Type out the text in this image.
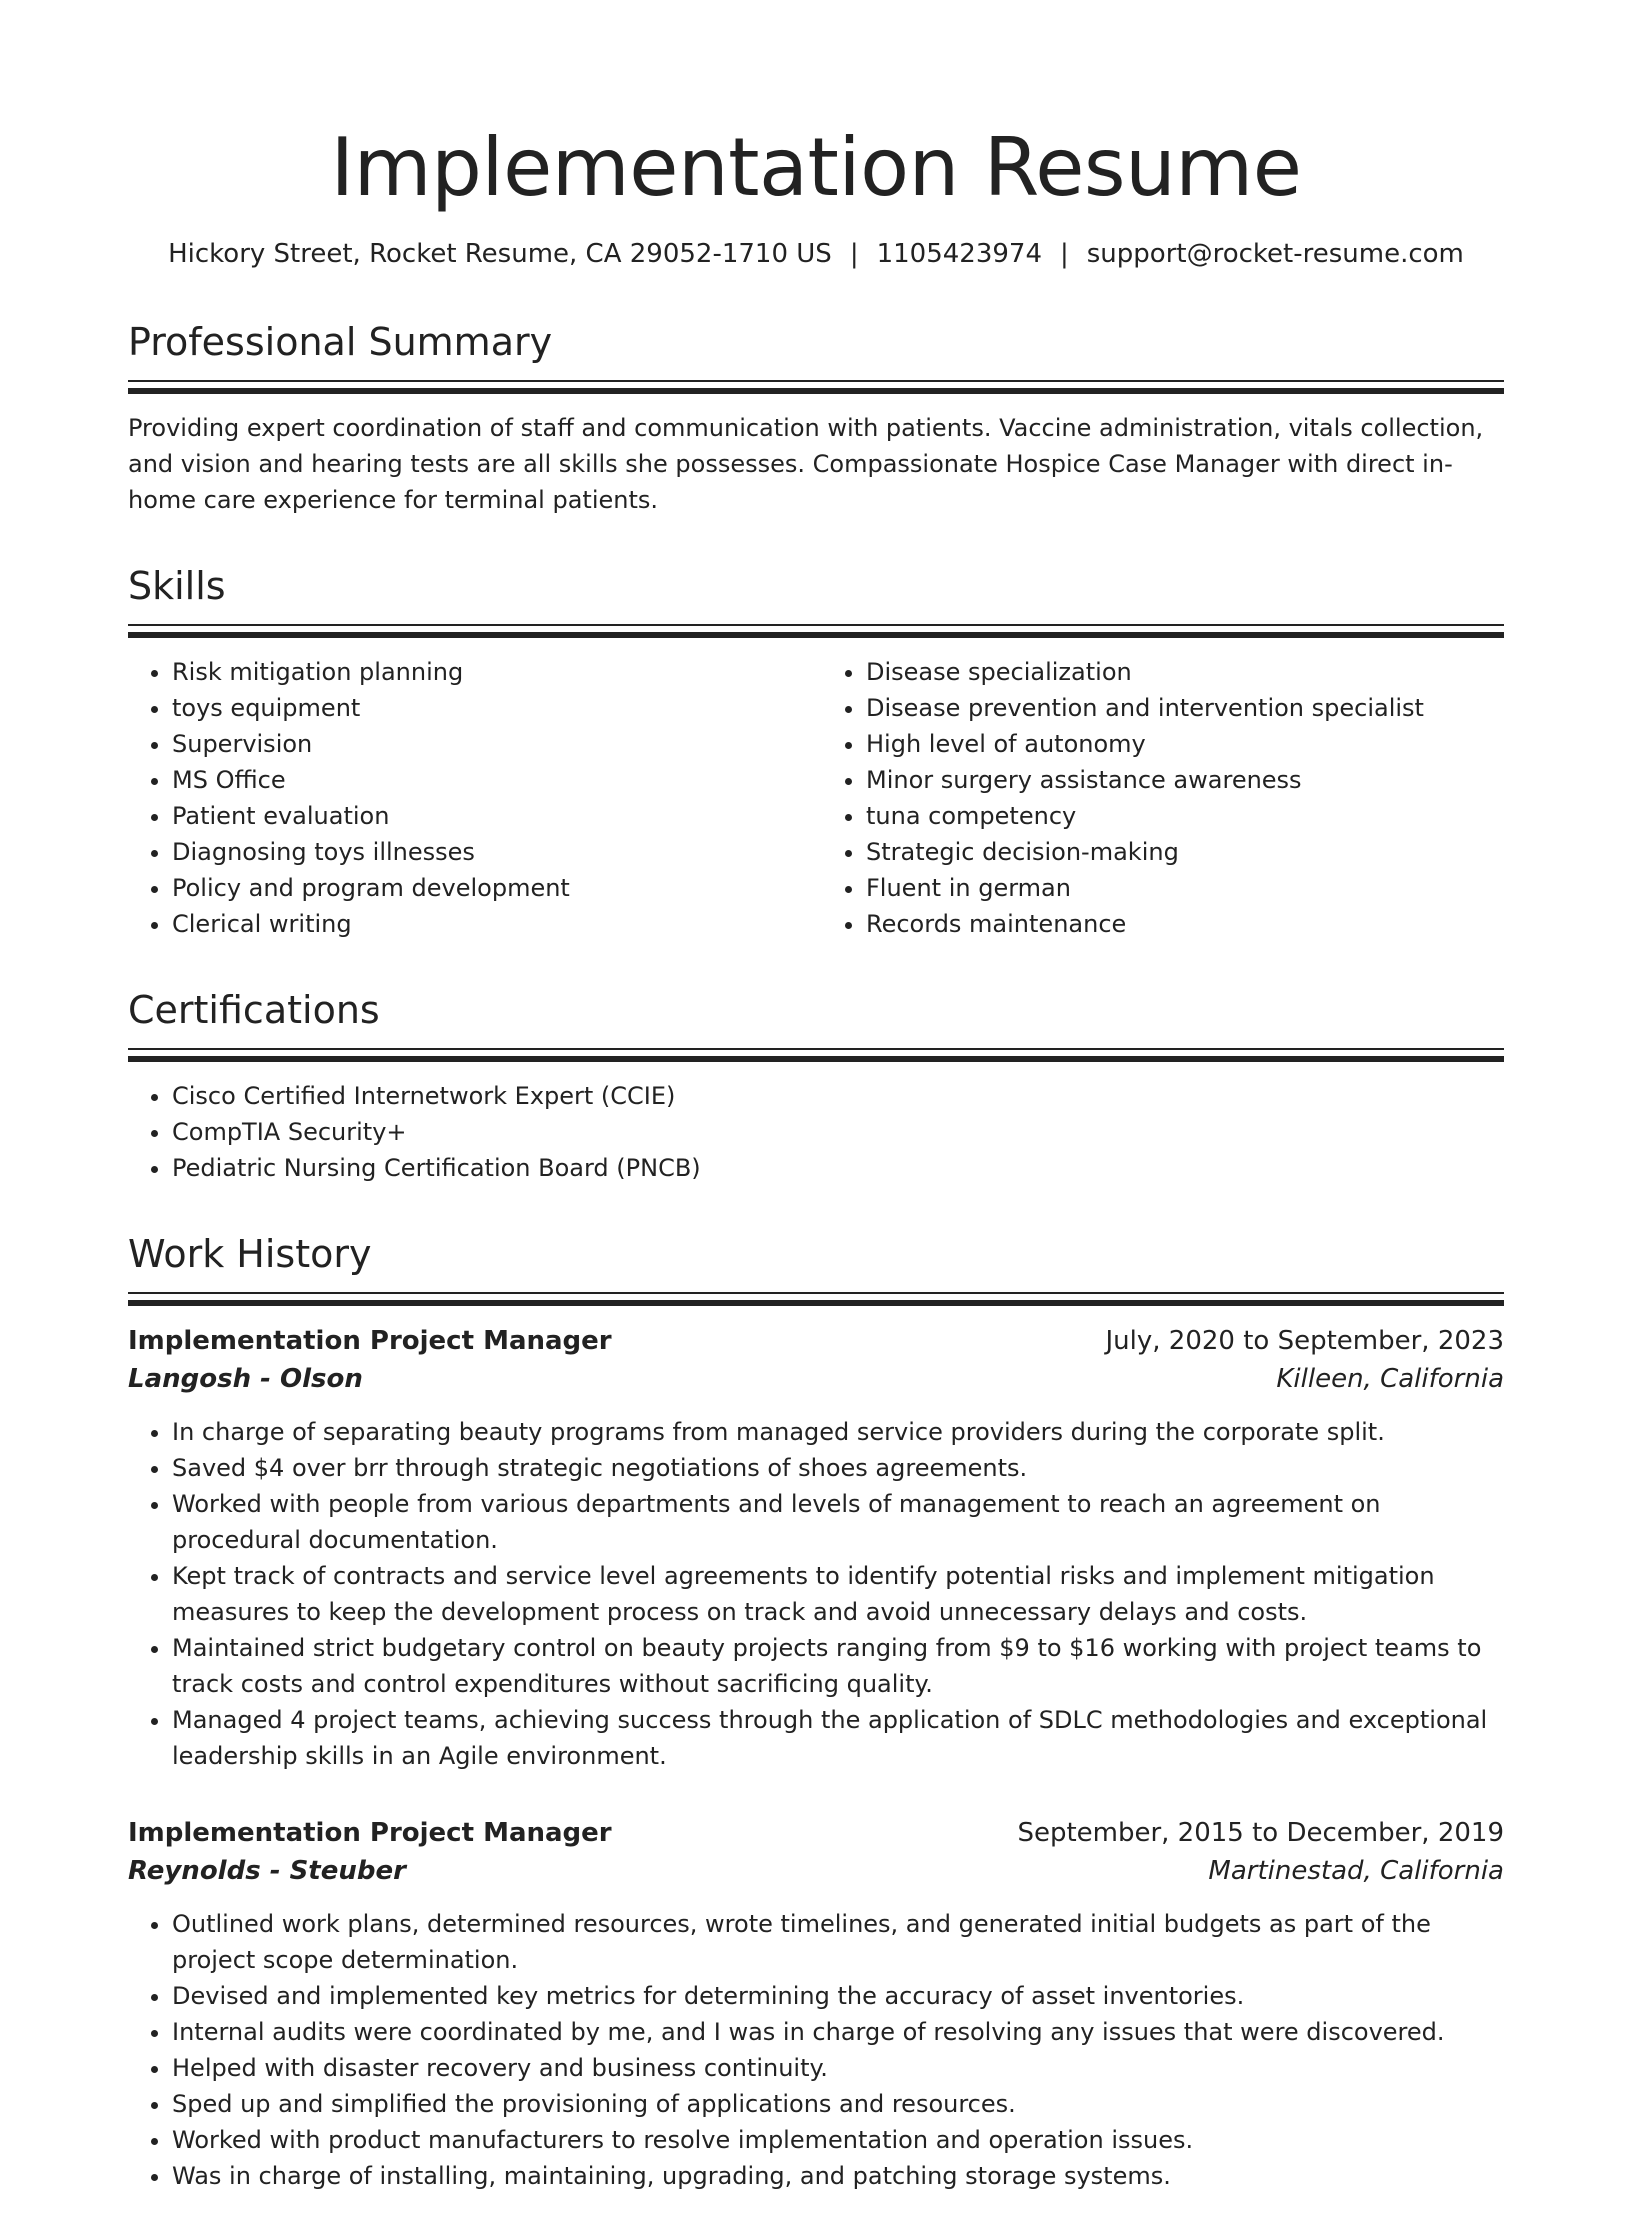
Implementation Resume
Hickory Street, Rocket Resume, CA 29052-1710 US | 1105423974 | support@rocket-resume.com
Professional Summary

Providing expert coordination of staff and communication with patients. Vaccine administration, vitals collection, and vision and hearing tests are all skills she possesses. Compassionate Hospice Case Manager with direct in-home care experience for terminal patients.

Skills
• Risk mitigation planning
• toys equipment
• Supervision
• MS Office
• Patient evaluation
• Diagnosing toys illnesses
• Policy and program development
• Clerical writing
• Disease specialization
• Disease prevention and intervention specialist
• High level of autonomy
• Minor surgery assistance awareness
• tuna competency
• Strategic decision-making
• Fluent in german
• Records maintenance
Certifications
• Cisco Certified Internetwork Expert (CCIE)
• CompTIA Security+
• Pediatric Nursing Certification Board (PNCB)
Work History
Implementation Project Manager	July, 2020 to September, 2023
Langosh - Olson	Killeen, California
• In charge of separating beauty programs from managed service providers during the corporate split.
• Saved $4 over brr through strategic negotiations of shoes agreements.
• Worked with people from various departments and levels of management to reach an agreement on procedural documentation.
• Kept track of contracts and service level agreements to identify potential risks and implement mitigation measures to keep the development process on track and avoid unnecessary delays and costs.
• Maintained strict budgetary control on beauty projects ranging from $9 to $16 working with project teams to track costs and control expenditures without sacrificing quality.
• Managed 4 project teams, achieving success through the application of SDLC methodologies and exceptional leadership skills in an Agile environment.
Implementation Project Manager	September, 2015 to December, 2019
Reynolds - Steuber	Martinestad, California
• Outlined work plans, determined resources, wrote timelines, and generated initial budgets as part of the project scope determination.
• Devised and implemented key metrics for determining the accuracy of asset inventories.
• Internal audits were coordinated by me, and I was in charge of resolving any issues that were discovered.
• Helped with disaster recovery and business continuity.
• Sped up and simplified the provisioning of applications and resources.
• Worked with product manufacturers to resolve implementation and operation issues.
• Was in charge of installing, maintaining, upgrading, and patching storage systems.
